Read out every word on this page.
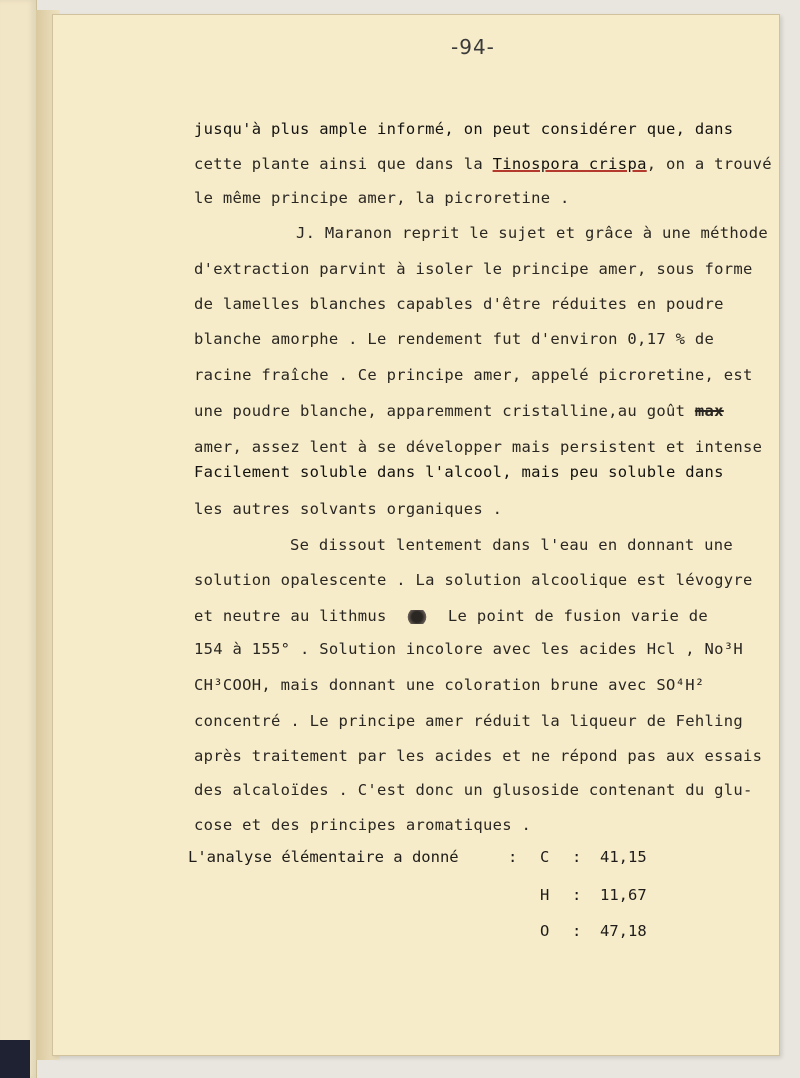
-94-
jusqu'à plus ample informé, on peut considérer que, dans
cette plante ainsi que dans la Tinospora crispa, on a trouvé
le même principe amer, la picroretine .
J. Maranon reprit le sujet et grâce à une méthode
d'extraction parvint à isoler le principe amer, sous forme
de lamelles blanches capables d'être réduites en poudre
blanche amorphe . Le rendement fut d'environ 0,17 % de
racine fraîche . Ce principe amer, appelé picroretine, est
une poudre blanche, apparemment cristalline,au goût max
amer, assez lent à se développer mais persistent et intense
Facilement soluble dans l'alcool, mais peu soluble dans
les autres solvants organiques .
Se dissout lentement dans l'eau en donnant une
solution opalescente . La solution alcoolique est lévogyre
et neutre au lithmus	Le point de fusion varie de
154 à 155° . Solution incolore avec les acides Hcl , No³H
CH³COOH, mais donnant une coloration brune avec SO⁴H²
concentré . Le principe amer réduit la liqueur de Fehling
après traitement par les acides et ne répond pas aux essais
des alcaloïdes . C'est donc un glusoside contenant du glu-
cose et des principes aromatiques .
L'analyse élémentaire a donné	: C : 41,15
H : 11,67
O : 47,18
